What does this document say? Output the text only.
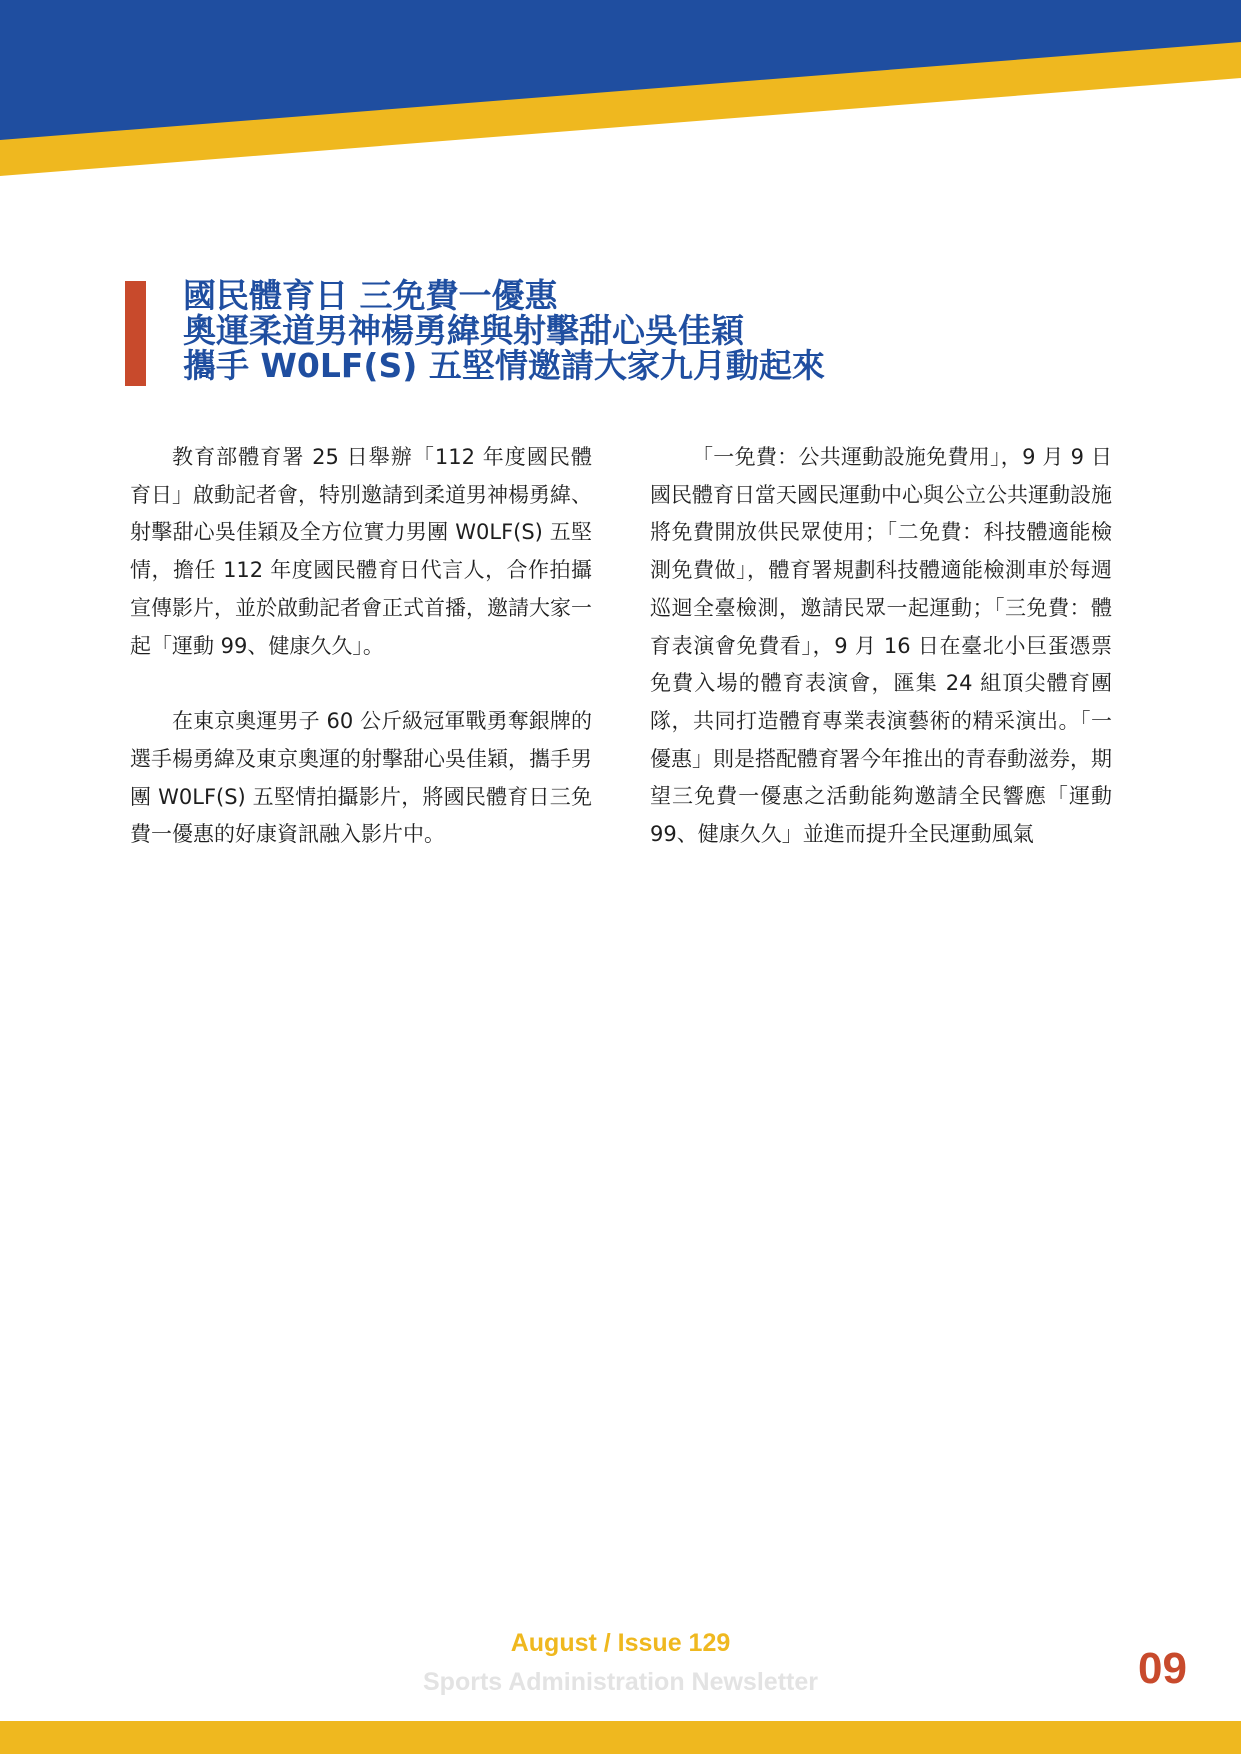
國民體育日 三免費一優惠
奧運柔道男神楊勇緯與射擊甜心吳佳穎
攜手 W0LF(S) 五堅情邀請大家九月動起來

教育部體育署 25 日舉辦「112 年度國民體育日」啟動記者會，特別邀請到柔道男神楊勇緯、射擊甜心吳佳穎及全方位實力男團 W0LF(S) 五堅情，擔任 112 年度國民體育日代言人，合作拍攝宣傳影片，並於啟動記者會正式首播，邀請大家一起「運動 99、健康久久」。

在東京奧運男子 60 公斤級冠軍戰勇奪銀牌的選手楊勇緯及東京奧運的射擊甜心吳佳穎，攜手男團 W0LF(S) 五堅情拍攝影片，將國民體育日三免費一優惠的好康資訊融入影片中。

「一免費：公共運動設施免費用」，9 月 9 日國民體育日當天國民運動中心與公立公共運動設施將免費開放供民眾使用；「二免費：科技體適能檢測免費做」，體育署規劃科技體適能檢測車於每週巡迴全臺檢測，邀請民眾一起運動；「三免費：體育表演會免費看」，9 月 16 日在臺北小巨蛋憑票免費入場的體育表演會，匯集 24 組頂尖體育團隊，共同打造體育專業表演藝術的精采演出。「一優惠」則是搭配體育署今年推出的青春動滋券，期望三免費一優惠之活動能夠邀請全民響應「運動 99、健康久久」並進而提升全民運動風氣

August / Issue 129
Sports Administration Newsletter	09
